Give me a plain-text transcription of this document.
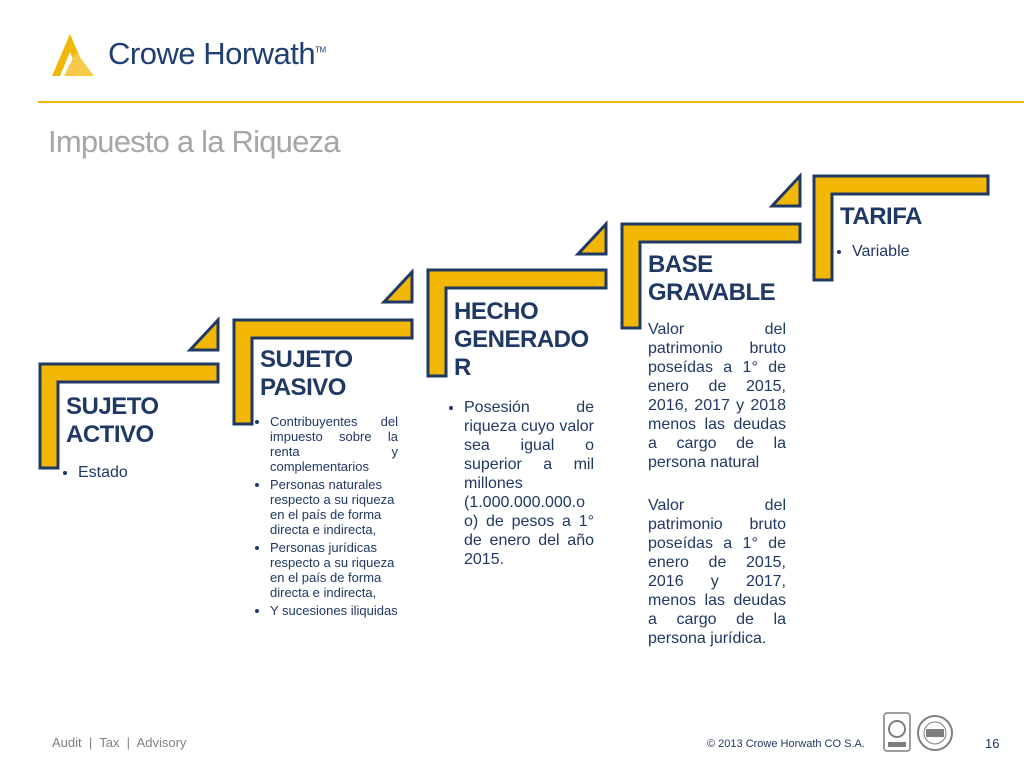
Crowe Horwath™
Impuesto a la Riqueza
SUJETO ACTIVO
• Estado
SUJETO PASIVO
• Contribuyentes del impuesto sobre la renta y complementarios
• Personas naturales respecto a su riqueza en el país de forma directa e indirecta,
• Personas jurídicas respecto a su riqueza en el país de forma directa e indirecta,
• Y sucesiones iliquidas
HECHO
GENERADO
R
• Posesión de riqueza cuyo valor sea igual o superior a mil millones (1.000.000.000.o o) de pesos a 1° de enero del año 2015.
BASE
GRAVABLE

Valor del patrimonio bruto poseídas a 1° de enero de 2015, 2016, 2017 y 2018 menos las deudas a cargo de la persona natural

Valor del patrimonio bruto poseídas a 1° de enero de 2015, 2016 y 2017, menos las deudas a cargo de la persona jurídica.

TARIFA
• Variable
Audit  |  Tax  |  Advisory	© 2013 Crowe Horwath CO S.A.	16
